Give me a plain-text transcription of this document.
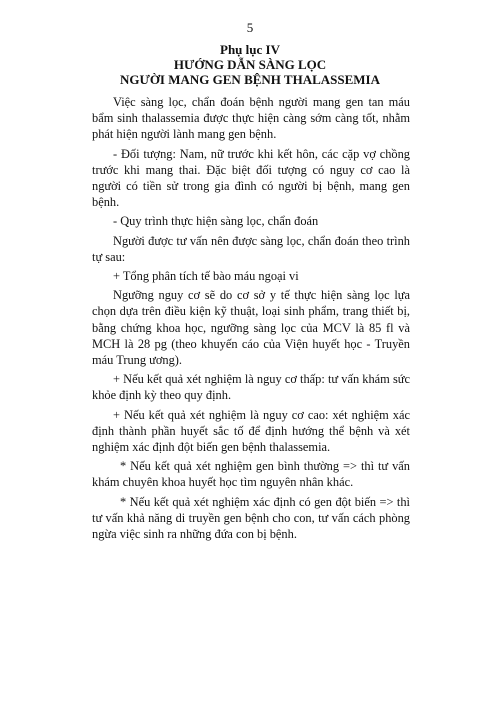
5
Phụ lục IV
HƯỚNG DẪN SÀNG LỌC
NGƯỜI MANG GEN BỆNH THALASSEMIA

Việc sàng lọc, chẩn đoán bệnh người mang gen tan máu bẩm sinh thalassemia được thực hiện càng sớm càng tốt, nhằm phát hiện người lành mang gen bệnh.

- Đối tượng: Nam, nữ trước khi kết hôn, các cặp vợ chồng trước khi mang thai. Đặc biệt đối tượng có nguy cơ cao là người có tiền sử trong gia đình có người bị bệnh, mang gen bệnh.

- Quy trình thực hiện sàng lọc, chẩn đoán

Người được tư vấn nên được sàng lọc, chẩn đoán theo trình tự sau:

+ Tổng phân tích tế bào máu ngoại vi

Ngưỡng nguy cơ sẽ do cơ sở y tế thực hiện sàng lọc lựa chọn dựa trên điều kiện kỹ thuật, loại sinh phẩm, trang thiết bị, bằng chứng khoa học, ngưỡng sàng lọc của MCV là 85 fl và MCH là 28 pg (theo khuyến cáo của Viện huyết học - Truyền máu Trung ương).

+ Nếu kết quả xét nghiệm là nguy cơ thấp: tư vấn khám sức khỏe định kỳ theo quy định.

+ Nếu kết quả xét nghiệm là nguy cơ cao: xét nghiệm xác định thành phần huyết sắc tố để định hướng thể bệnh và xét nghiệm xác định đột biến gen bệnh thalassemia.

* Nếu kết quả xét nghiệm gen bình thường => thì tư vấn khám chuyên khoa huyết học tìm nguyên nhân khác.

* Nếu kết quả xét nghiệm xác định có gen đột biến => thì tư vấn khả năng di truyền gen bệnh cho con, tư vấn cách phòng ngừa việc sinh ra những đứa con bị bệnh.
